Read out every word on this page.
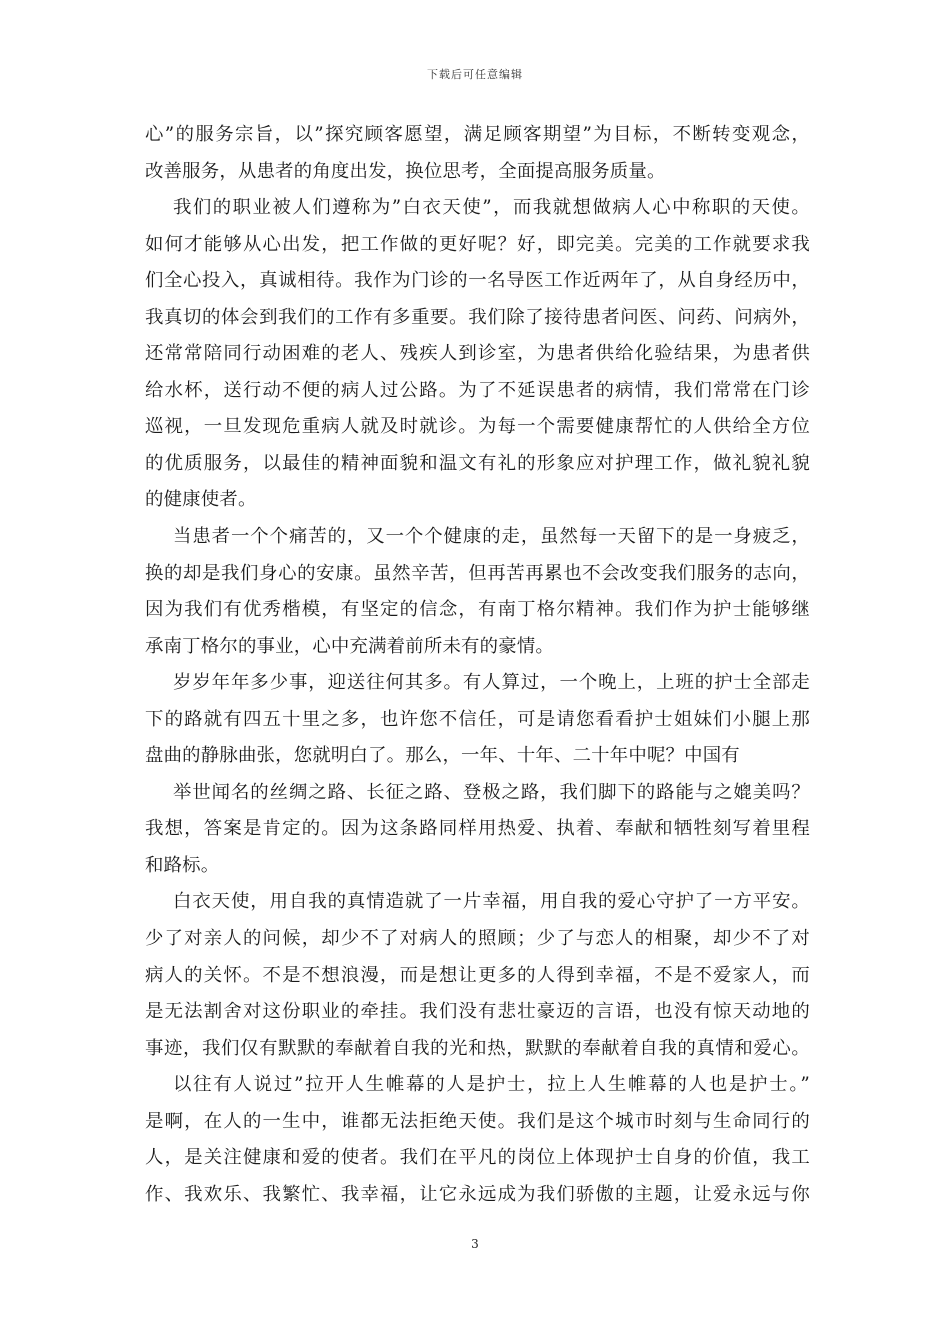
下载后可任意编辑
心”的服务宗旨，以”探究顾客愿望，满足顾客期望”为目标，不断转变观念，
改善服务，从患者的角度出发，换位思考，全面提高服务质量。
我们的职业被人们遵称为”白衣天使”，而我就想做病人心中称职的天使。
如何才能够从心出发，把工作做的更好呢？好，即完美。完美的工作就要求我
们全心投入，真诚相待。我作为门诊的一名导医工作近两年了，从自身经历中，
我真切的体会到我们的工作有多重要。我们除了接待患者问医、问药、问病外，
还常常陪同行动困难的老人、残疾人到诊室，为患者供给化验结果，为患者供
给水杯，送行动不便的病人过公路。为了不延误患者的病情，我们常常在门诊
巡视，一旦发现危重病人就及时就诊。为每一个需要健康帮忙的人供给全方位
的优质服务，以最佳的精神面貌和温文有礼的形象应对护理工作，做礼貌礼貌
的健康使者。
当患者一个个痛苦的，又一个个健康的走，虽然每一天留下的是一身疲乏，
换的却是我们身心的安康。虽然辛苦，但再苦再累也不会改变我们服务的志向，
因为我们有优秀楷模，有坚定的信念，有南丁格尔精神。我们作为护士能够继
承南丁格尔的事业，心中充满着前所未有的豪情。
岁岁年年多少事，迎送往何其多。有人算过，一个晚上，上班的护士全部走
下的路就有四五十里之多，也许您不信任，可是请您看看护士姐妹们小腿上那
盘曲的静脉曲张，您就明白了。那么，一年、十年、二十年中呢？中国有
举世闻名的丝绸之路、长征之路、登极之路，我们脚下的路能与之媲美吗？
我想，答案是肯定的。因为这条路同样用热爱、执着、奉献和牺牲刻写着里程
和路标。
白衣天使，用自我的真情造就了一片幸福，用自我的爱心守护了一方平安。
少了对亲人的问候，却少不了对病人的照顾；少了与恋人的相聚，却少不了对
病人的关怀。不是不想浪漫，而是想让更多的人得到幸福，不是不爱家人，而
是无法割舍对这份职业的牵挂。我们没有悲壮豪迈的言语，也没有惊天动地的
事迹，我们仅有默默的奉献着自我的光和热，默默的奉献着自我的真情和爱心。
以往有人说过”拉开人生帷幕的人是护士，拉上人生帷幕的人也是护士。”
是啊，在人的一生中，谁都无法拒绝天使。我们是这个城市时刻与生命同行的
人，是关注健康和爱的使者。我们在平凡的岗位上体现护士自身的价值，我工
作、我欢乐、我繁忙、我幸福，让它永远成为我们骄傲的主题，让爱永远与你
3
